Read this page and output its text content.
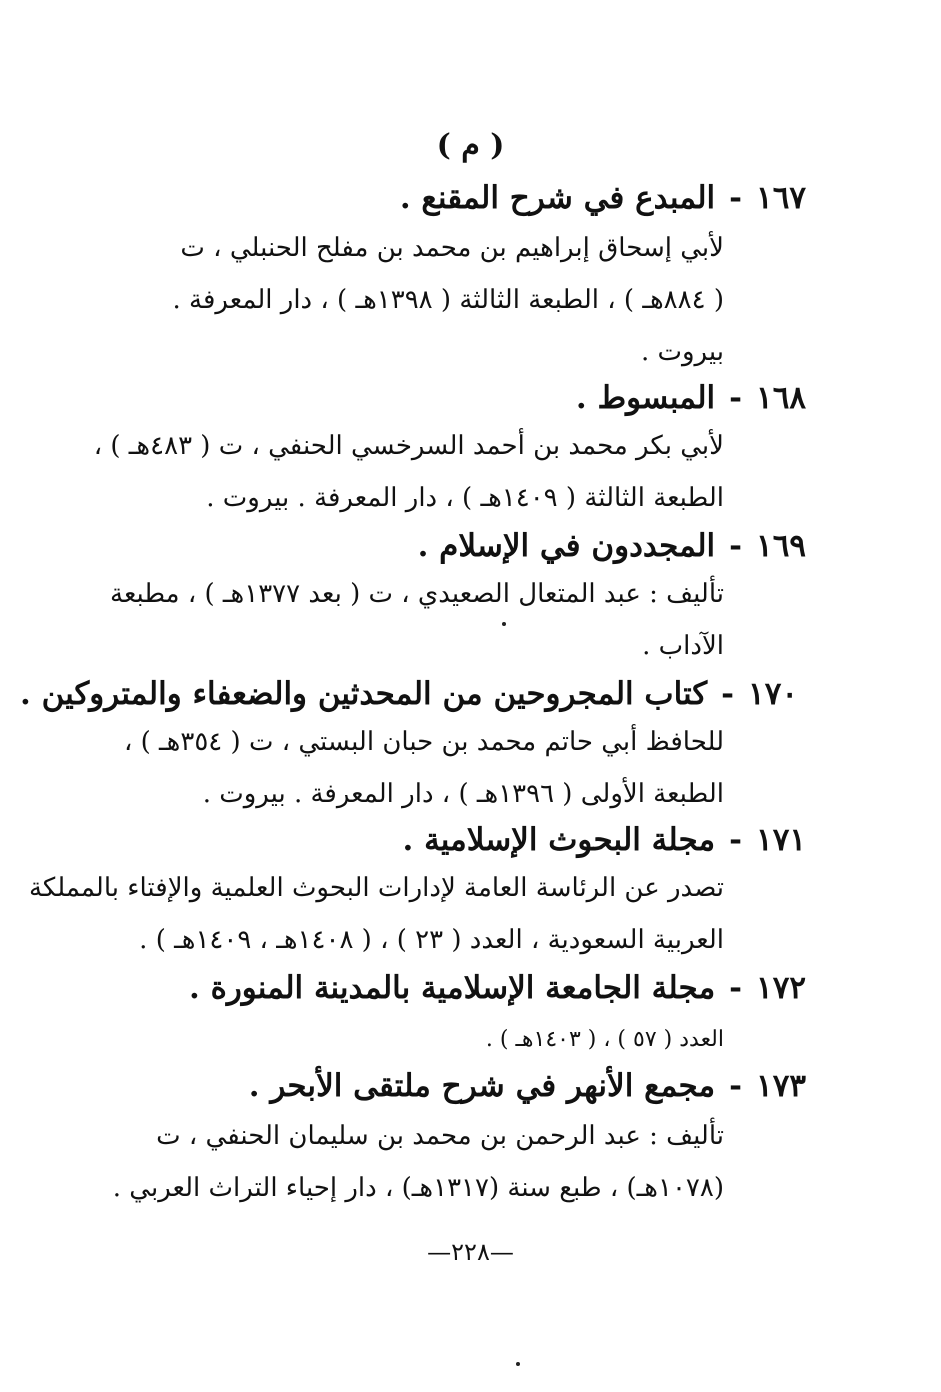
( م )
١٦٧-المبدع في شرح المقنع .
لأبي إسحاق إبراهيم بن محمد بن مفلح الحنبلي ، ت
( ٨٨٤هـ ) ، الطبعة الثالثة ( ١٣٩٨هـ ) ، دار المعرفة .
بيروت .
١٦٨-المبسوط .
لأبي بكر محمد بن أحمد السرخسي الحنفي ، ت ( ٤٨٣هـ ) ،
الطبعة الثالثة ( ١٤٠٩هـ ) ، دار المعرفة . بيروت .
١٦٩-المجددون في الإسلام .
تأليف : عبد المتعال الصعيدي ، ت ( بعد ١٣٧٧هـ ) ، مطبعة
الآداب .
١٧٠-كتاب المجروحين من المحدثين والضعفاء والمتروكين .
للحافظ أبي حاتم محمد بن حبان البستي ، ت ( ٣٥٤هـ ) ،
الطبعة الأولى ( ١٣٩٦هـ ) ، دار المعرفة . بيروت .
١٧١-مجلة البحوث الإسلامية .
تصدر عن الرئاسة العامة لإدارات البحوث العلمية والإفتاء بالمملكة
العربية السعودية ، العدد ( ٢٣ ) ، ( ١٤٠٨هـ ، ١٤٠٩هـ ) .
١٧٢-مجلة الجامعة الإسلامية بالمدينة المنورة .
العدد ( ٥٧ ) ، ( ١٤٠٣هـ ) .
١٧٣-مجمع الأنهر في شرح ملتقى الأبحر .
تأليف : عبد الرحمن بن محمد بن سليمان الحنفي ، ت
(١٠٧٨هـ) ، طبع سنة (١٣١٧هـ) ، دار إحياء التراث العربي .
—٢٢٨—
